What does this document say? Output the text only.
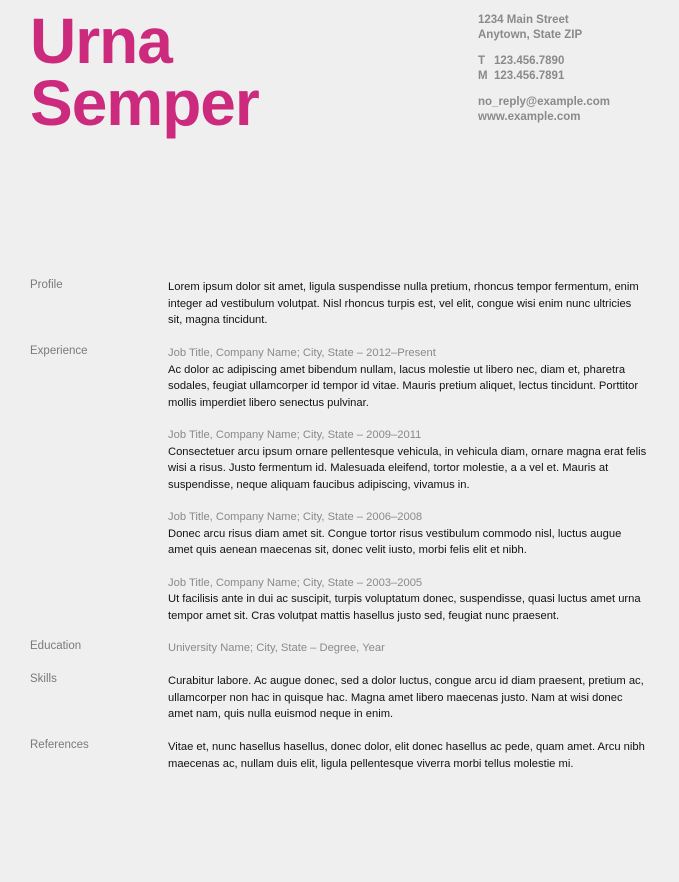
Urna
Semper
1234 Main Street
Anytown, State ZIP
T 123.456.7890
M 123.456.7891
no_reply@example.com
www.example.com
Profile	Lorem ipsum dolor sit amet, ligula suspendisse nulla pretium, rhoncus tempor fermentum, enim integer ad vestibulum volutpat. Nisl rhoncus turpis est, vel elit, congue wisi enim nunc ultricies sit, magna tincidunt.

Experience	Job Title, Company Name; City, State – 2012–Present

Ac dolor ac adipiscing amet bibendum nullam, lacus molestie ut libero nec, diam et, pharetra sodales, feugiat ullamcorper id tempor id vitae. Mauris pretium aliquet, lectus tincidunt. Porttitor mollis imperdiet libero senectus pulvinar.

Job Title, Company Name; City, State – 2009–2011

Consectetuer arcu ipsum ornare pellentesque vehicula, in vehicula diam, ornare magna erat felis wisi a risus. Justo fermentum id. Malesuada eleifend, tortor molestie, a a vel et. Mauris at suspendisse, neque aliquam faucibus adipiscing, vivamus in.

Job Title, Company Name; City, State – 2006–2008

Donec arcu risus diam amet sit. Congue tortor risus vestibulum commodo nisl, luctus augue amet quis aenean maecenas sit, donec velit iusto, morbi felis elit et nibh.

Job Title, Company Name; City, State – 2003–2005

Ut facilisis ante in dui ac suscipit, turpis voluptatum donec, suspendisse, quasi luctus amet urna tempor amet sit. Cras volutpat mattis hasellus justo sed, feugiat nunc praesent.

Education	University Name; City, State – Degree, Year

Skills	Curabitur labore. Ac augue donec, sed a dolor luctus, congue arcu id diam praesent, pretium ac, ullamcorper non hac in quisque hac. Magna amet libero maecenas justo. Nam at wisi donec amet nam, quis nulla euismod neque in enim.

References	Vitae et, nunc hasellus hasellus, donec dolor, elit donec hasellus ac pede, quam amet. Arcu nibh maecenas ac, nullam duis elit, ligula pellentesque viverra morbi tellus molestie mi.
